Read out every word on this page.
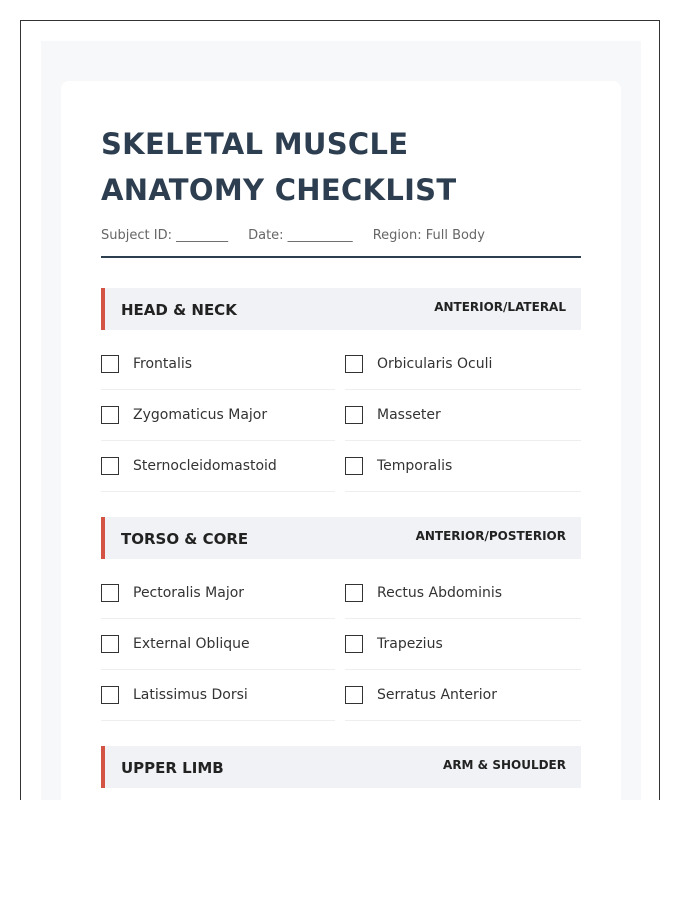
SKELETAL MUSCLE ANATOMY CHECKLIST
Subject ID: ________ Date: __________ Region: Full Body
HEAD & NECK	ANTERIOR/LATERAL
Frontalis	Orbicularis Oculi
Zygomaticus Major	Masseter
Sternocleidomastoid	Temporalis
TORSO & CORE	ANTERIOR/POSTERIOR
Pectoralis Major	Rectus Abdominis
External Oblique	Trapezius
Latissimus Dorsi	Serratus Anterior
UPPER LIMB	ARM & SHOULDER
